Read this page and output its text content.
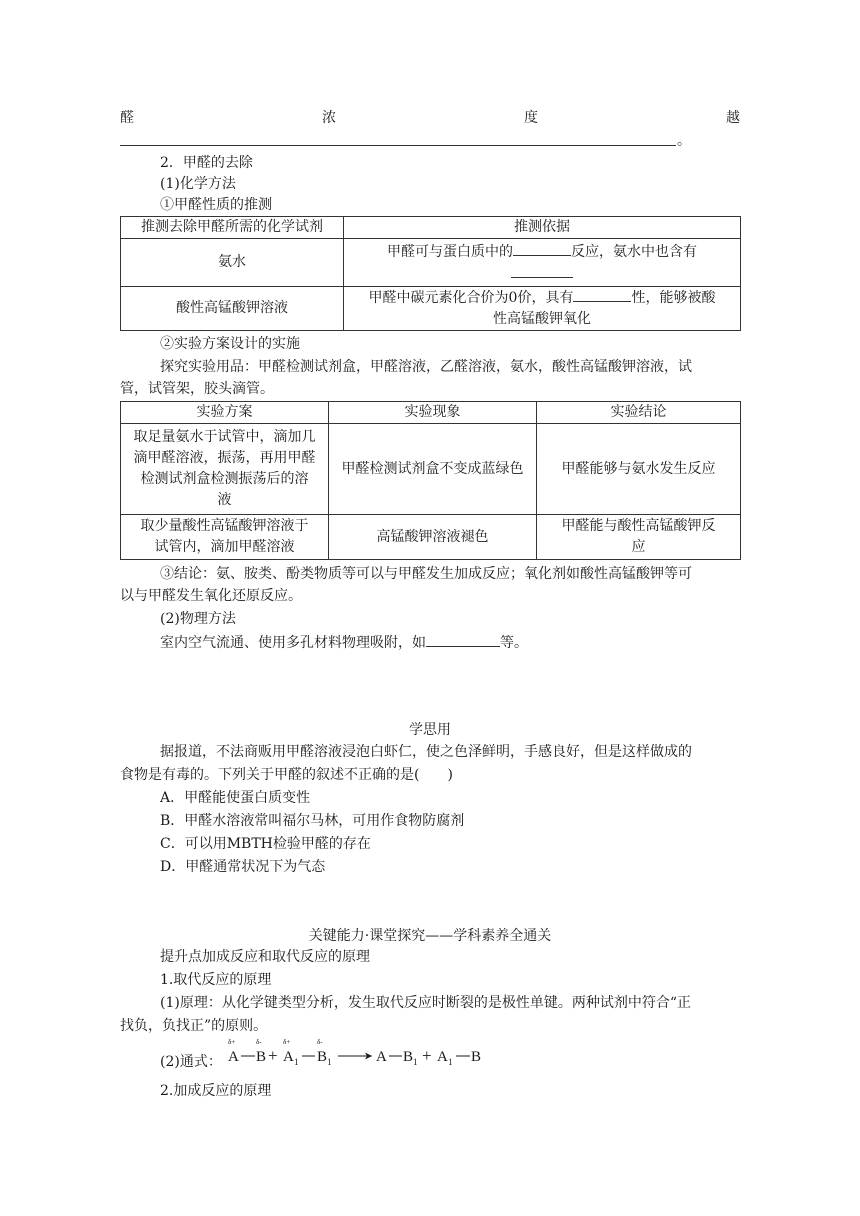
醛	浓	度	越
。
2．甲醛的去除
(1)化学方法
①甲醛性质的推测
推测去除甲醛所需的化学试剂	推测依据
氨水	甲醛可与蛋白质中的 反应，氨水中也含有

酸性高锰酸钾溶液	甲醛中碳元素化合价为0价，具有 性，能够被酸
性高锰酸钾氧化
②实验方案设计的实施
探究实验用品：甲醛检测试剂盒，甲醛溶液，乙醛溶液，氨水，酸性高锰酸钾溶液，试
管，试管架，胶头滴管。
实验方案	实验现象	实验结论
取足量氨水于试管中，滴加几
滴甲醛溶液，振荡，再用甲醛
检测试剂盒检测振荡后的溶
液	甲醛检测试剂盒不变成蓝绿色	甲醛能够与氨水发生反应
取少量酸性高锰酸钾溶液于
试管内，滴加甲醛溶液	高锰酸钾溶液褪色	甲醛能与酸性高锰酸钾反
应
③结论：氨、胺类、酚类物质等可以与甲醛发生加成反应；氧化剂如酸性高锰酸钾等可
以与甲醛发生氧化还原反应。
(2)物理方法
室内空气流通、使用多孔材料物理吸附，如	等。
学思用
据报道，不法商贩用甲醛溶液浸泡白虾仁，使之色泽鲜明，手感良好，但是这样做成的
食物是有毒的。下列关于甲醛的叙述不正确的是(　　)
A．甲醛能使蛋白质变性
B．甲醛水溶液常叫福尔马林，可用作食物防腐剂
C．可以用MBTH检验甲醛的存在
D．甲醛通常状况下为气态
关键能力·课堂探究——学科素养全通关
提升点加成反应和取代反应的原理
1.取代反应的原理
(1)原理：从化学键类型分析，发生取代反应时断裂的是极性单键。两种试剂中符合“正
找负，负找正”的原则。
(2)通式：
δ+
A
δ-
B +
δ+
A 1
δ-
B 1	A B 1 + A 1 B
2.加成反应的原理
